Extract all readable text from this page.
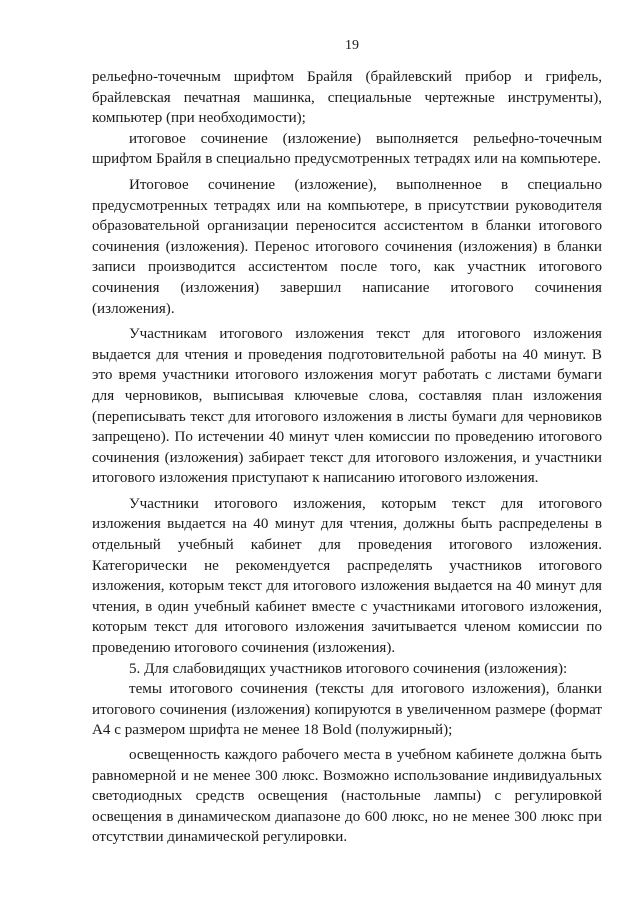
19

рельефно-точечным шрифтом Брайля (брайлевский прибор и грифель, брайлевская печатная машинка, специальные чертежные инструменты), компьютер (при необходимости);

итоговое сочинение (изложение) выполняется рельефно-точечным шрифтом Брайля в специально предусмотренных тетрадях или на компьютере.

Итоговое сочинение (изложение), выполненное в специально предусмотренных тетрадях или на компьютере, в присутствии руководителя образовательной организации переносится ассистентом в бланки итогового сочинения (изложения). Перенос итогового сочинения (изложения) в бланки записи производится ассистентом после того, как участник итогового сочинения (изложения) завершил написание итогового сочинения (изложения).

Участникам итогового изложения текст для итогового изложения выдается для чтения и проведения подготовительной работы на 40 минут. В это время участники итогового изложения могут работать с листами бумаги для черновиков, выписывая ключевые слова, составляя план изложения (переписывать текст для итогового изложения в листы бумаги для черновиков запрещено). По истечении 40 минут член комиссии по проведению итогового сочинения (изложения) забирает текст для итогового изложения, и участники итогового изложения приступают к написанию итогового изложения.

Участники итогового изложения, которым текст для итогового изложения выдается на 40 минут для чтения, должны быть распределены в отдельный учебный кабинет для проведения итогового изложения. Категорически не рекомендуется распределять участников итогового изложения, которым текст для итогового изложения выдается на 40 минут для чтения, в один учебный кабинет вместе с участниками итогового изложения, которым текст для итогового изложения зачитывается членом комиссии по проведению итогового сочинения (изложения).

5. Для слабовидящих участников итогового сочинения (изложения):

темы итогового сочинения (тексты для итогового изложения), бланки итогового сочинения (изложения) копируются в увеличенном размере (формат А4 с размером шрифта не менее 18 Bold (полужирный);

освещенность каждого рабочего места в учебном кабинете должна быть равномерной и не менее 300 люкс. Возможно использование индивидуальных светодиодных средств освещения (настольные лампы) с регулировкой освещения в динамическом диапазоне до 600 люкс, но не менее 300 люкс при отсутствии динамической регулировки.
